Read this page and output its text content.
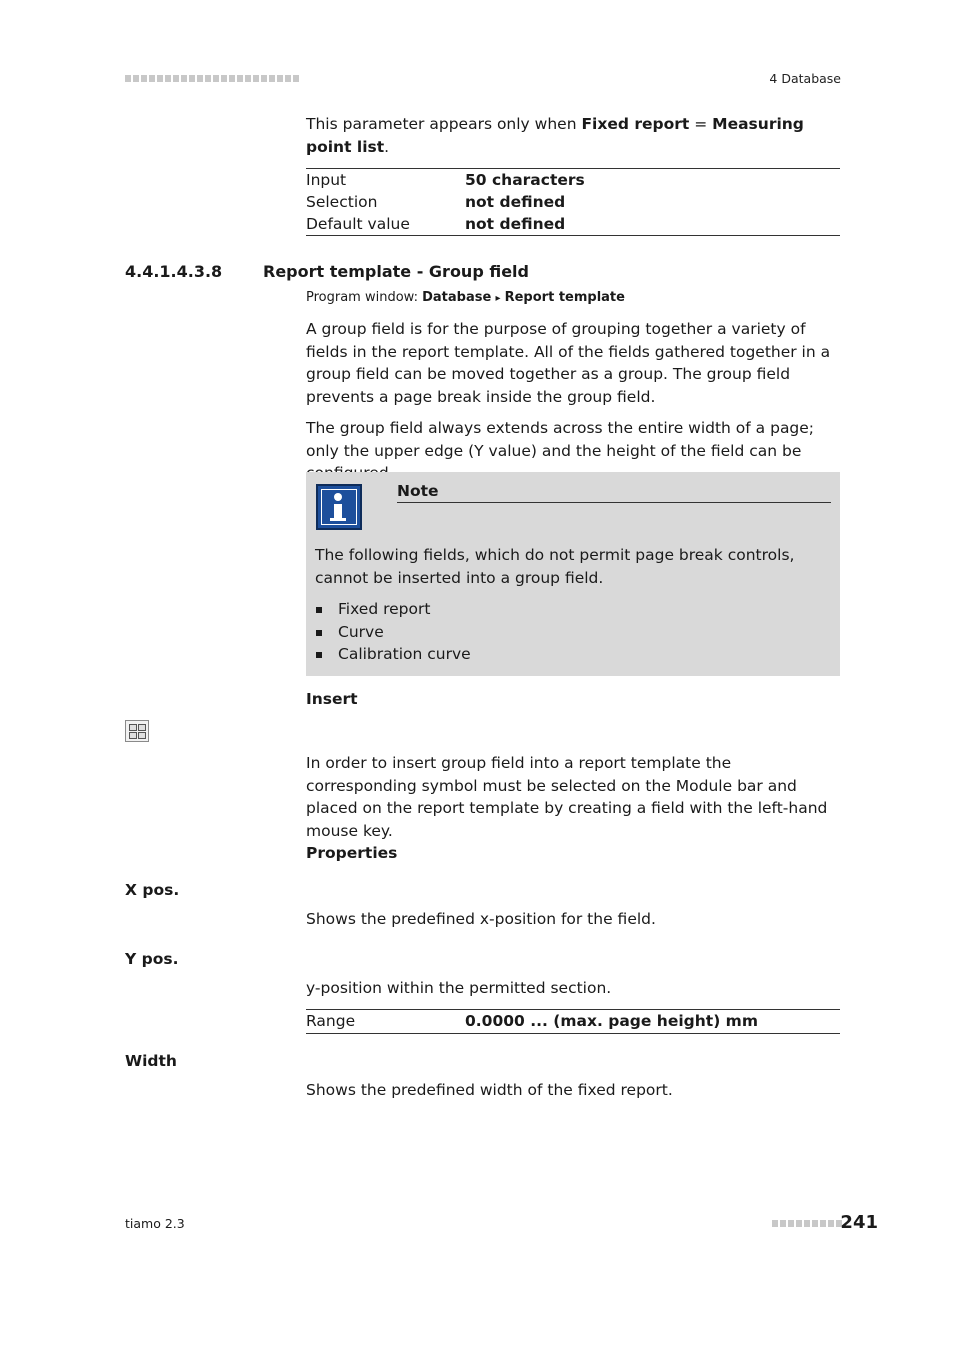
4 Database
This parameter appears only when Fixed report = Measuring point list.
Input	50 characters
Selection	not defined
Default value	not defined
4.4.1.4.3.8	Report template - Group field
Program window: Database ▸ Report template
A group field is for the purpose of grouping together a variety of fields in the report template. All of the fields gathered together in a group field can be moved together as a group. The group field prevents a page break inside the group field.
The group field always extends across the entire width of a page; only the upper edge (Y value) and the height of the field can be
Note
The following fields, which do not permit page break controls, cannot be inserted into a group field.
Fixed report
Curve
Calibration curve
Insert
In order to insert group field into a report template the corresponding symbol must be selected on the Module bar and placed on the report template by creating a field with the left-hand mouse key.
Properties
X pos.
Shows the predefined x-position for the field.
Y pos.
y-position within the permitted section.
Range	0.0000 ... (max. page height) mm
Width
Shows the predefined width of the fixed report.
tiamo 2.3	241
